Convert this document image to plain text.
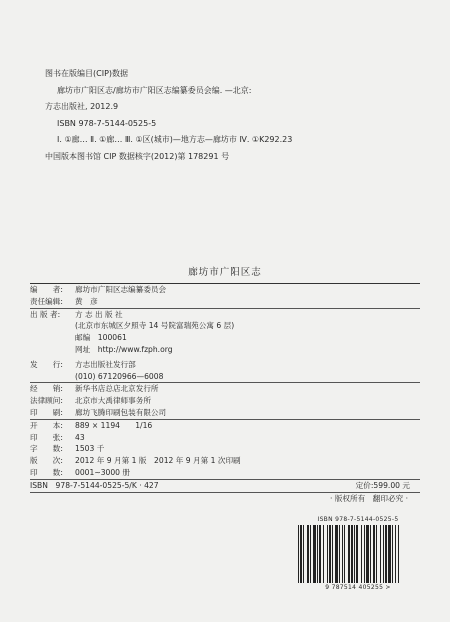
图书在版编目(CIP)数据
廊坊市广阳区志/廊坊市广阳区志编纂委员会编. —北京:
方志出版社, 2012.9
ISBN 978-7-5144-0525-5
Ⅰ. ①廊… Ⅱ. ①廊… Ⅲ. ①区(城市)—地方志—廊坊市 Ⅳ. ①K292.23
中国版本图书馆 CIP 数据核字(2012)第 178291 号
廊坊市广阳区志
编　　者:	廊坊市广阳区志编纂委员会
责任编辑:	黄　彦
出 版 者:	方 志 出 版 社
(北京市东城区夕照寺 14 号院富瑞苑公寓 6 层)
邮编　100061
网址　http://www.fzph.org
发　　行:	方志出版社发行部
(010) 67120966—6008
经　　销:	新华书店总店北京发行所
法律顾问:	北京市大禹律师事务所
印　　刷:	廊坊飞腾印刷包装有限公司
开　　本:	889 × 1194　　1/16
印　　张:	43
字　　数:	1503 千
版　　次:	2012 年 9 月第 1 版　2012 年 9 月第 1 次印刷
印　　数:	0001~3000 册
ISBN　978-7-5144-0525-5/K · 427	定价:599.00 元
· 版权所有　翻印必究 ·
ISBN 978-7-5144-0525-5
9 787514 405255 >
